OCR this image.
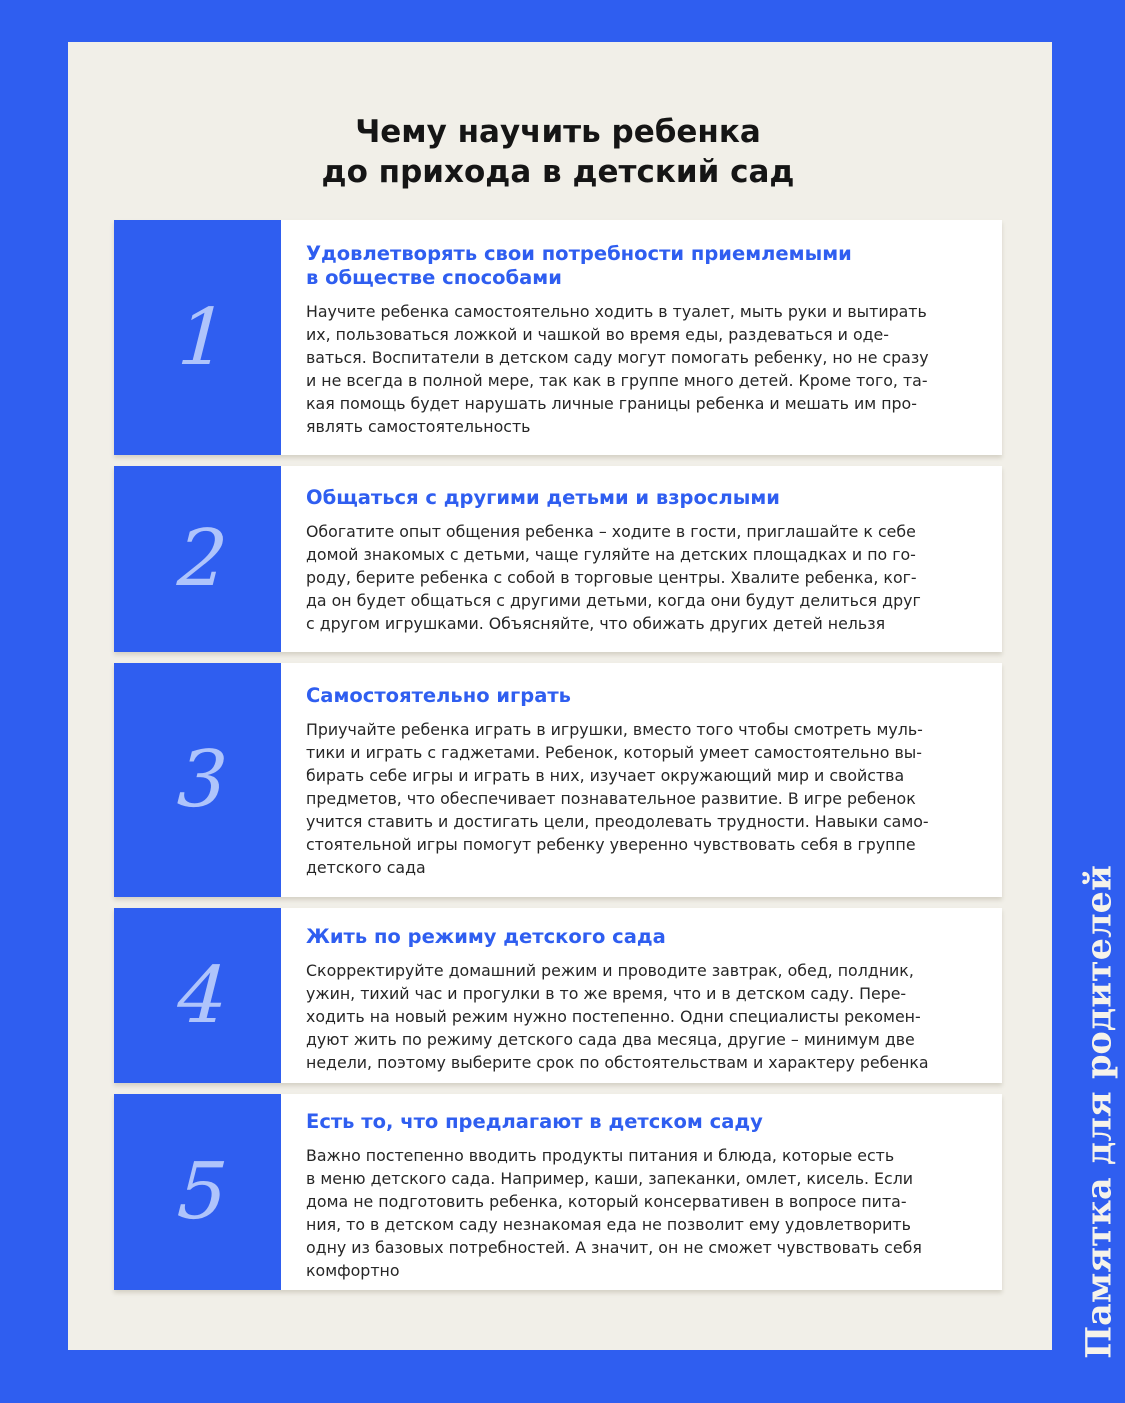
Чему научить ребенка
до прихода в детский сад
1
Удовлетворять свои потребности приемлемыми
в обществе способами
Научите ребенка самостоятельно ходить в туалет, мыть руки и вытирать
их, пользоваться ложкой и чашкой во время еды, раздеваться и оде-
ваться. Воспитатели в детском саду могут помогать ребенку, но не сразу
и не всегда в полной мере, так как в группе много детей. Кроме того, та-
кая помощь будет нарушать личные границы ребенка и мешать им про-
являть самостоятельность
2
Общаться с другими детьми и взрослыми
Обогатите опыт общения ребенка – ходите в гости, приглашайте к себе
домой знакомых с детьми, чаще гуляйте на детских площадках и по го-
роду, берите ребенка с собой в торговые центры. Хвалите ребенка, ког-
да он будет общаться с другими детьми, когда они будут делиться друг
с другом игрушками. Объясняйте, что обижать других детей нельзя
3
Самостоятельно играть
Приучайте ребенка играть в игрушки, вместо того чтобы смотреть муль-
тики и играть с гаджетами. Ребенок, который умеет самостоятельно вы-
бирать себе игры и играть в них, изучает окружающий мир и свойства
предметов, что обеспечивает познавательное развитие. В игре ребенок
учится ставить и достигать цели, преодолевать трудности. Навыки само-
стоятельной игры помогут ребенку уверенно чувствовать себя в группе
детского сада
4
Жить по режиму детского сада
Скорректируйте домашний режим и проводите завтрак, обед, полдник,
ужин, тихий час и прогулки в то же время, что и в детском саду. Пере-
ходить на новый режим нужно постепенно. Одни специалисты рекомен-
дуют жить по режиму детского сада два месяца, другие – минимум две
недели, поэтому выберите срок по обстоятельствам и характеру ребенка
5
Есть то, что предлагают в детском саду
Важно постепенно вводить продукты питания и блюда, которые есть
в меню детского сада. Например, каши, запеканки, омлет, кисель. Если
дома не подготовить ребенка, который консервативен в вопросе пита-
ния, то в детском саду незнакомая еда не позволит ему удовлетворить
одну из базовых потребностей. А значит, он не сможет чувствовать себя
комфортно	Памятка для родителей
